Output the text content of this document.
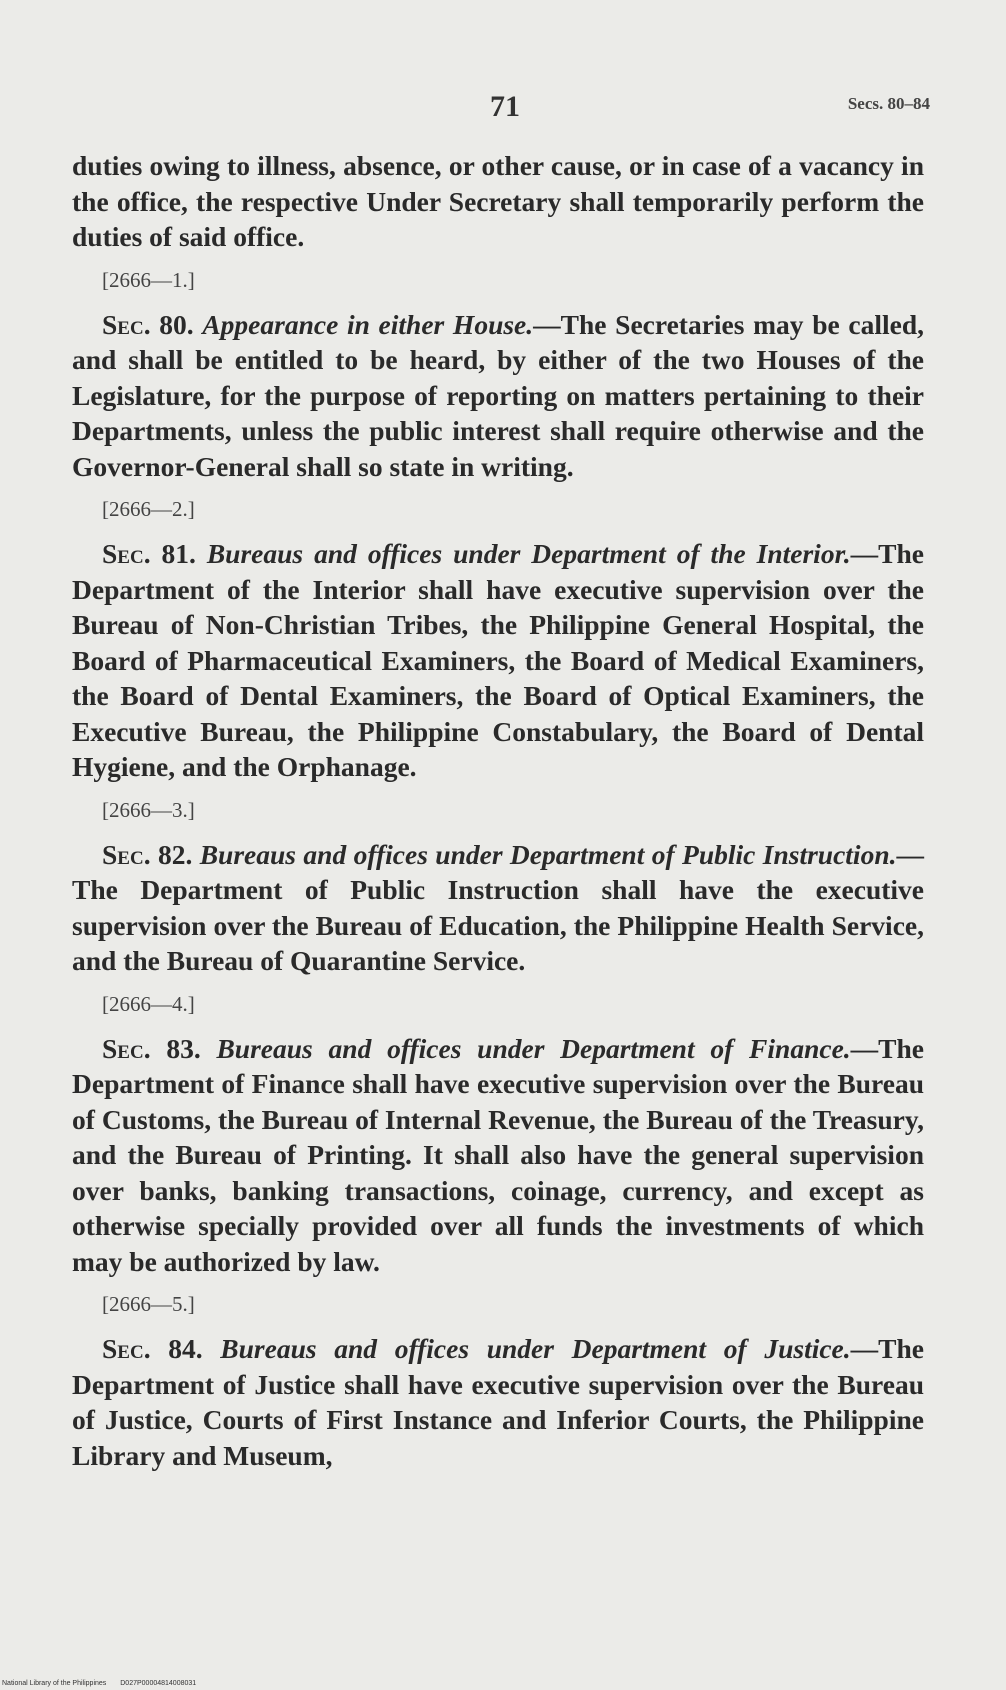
71	Secs. 80–84

duties owing to illness, absence, or other cause, or in case of a vacancy in the office, the respective Under Secretary shall temporarily perform the duties of said office.

[2666—1.]

Sec. 80. Appearance in either House.—The Secretaries may be called, and shall be entitled to be heard, by either of the two Houses of the Legislature, for the purpose of reporting on matters pertaining to their Departments, unless the public interest shall require otherwise and the Governor-General shall so state in writing.

[2666—2.]

Sec. 81. Bureaus and offices under Department of the Interior.—The Department of the Interior shall have executive supervision over the Bureau of Non-Christian Tribes, the Philippine General Hospital, the Board of Pharmaceutical Examiners, the Board of Medical Examiners, the Board of Dental Examiners, the Board of Optical Examiners, the Executive Bureau, the Philippine Constabulary, the Board of Dental Hygiene, and the Orphanage.

[2666—3.]

Sec. 82. Bureaus and offices under Department of Public Instruction.—The Department of Public Instruction shall have the executive supervision over the Bureau of Education, the Philippine Health Service, and the Bureau of Quarantine Service.

[2666—4.]

Sec. 83. Bureaus and offices under Department of Finance.—The Department of Finance shall have executive supervision over the Bureau of Customs, the Bureau of Internal Revenue, the Bureau of the Treasury, and the Bureau of Printing. It shall also have the general supervision over banks, banking transactions, coinage, currency, and except as otherwise specially provided over all funds the investments of which may be authorized by law.

[2666—5.]

Sec. 84. Bureaus and offices under Department of Justice.—The Department of Justice shall have executive supervision over the Bureau of Justice, Courts of First Instance and Inferior Courts, the Philippine Library and Museum,

National Library of the Philippines D027P00004814008031
